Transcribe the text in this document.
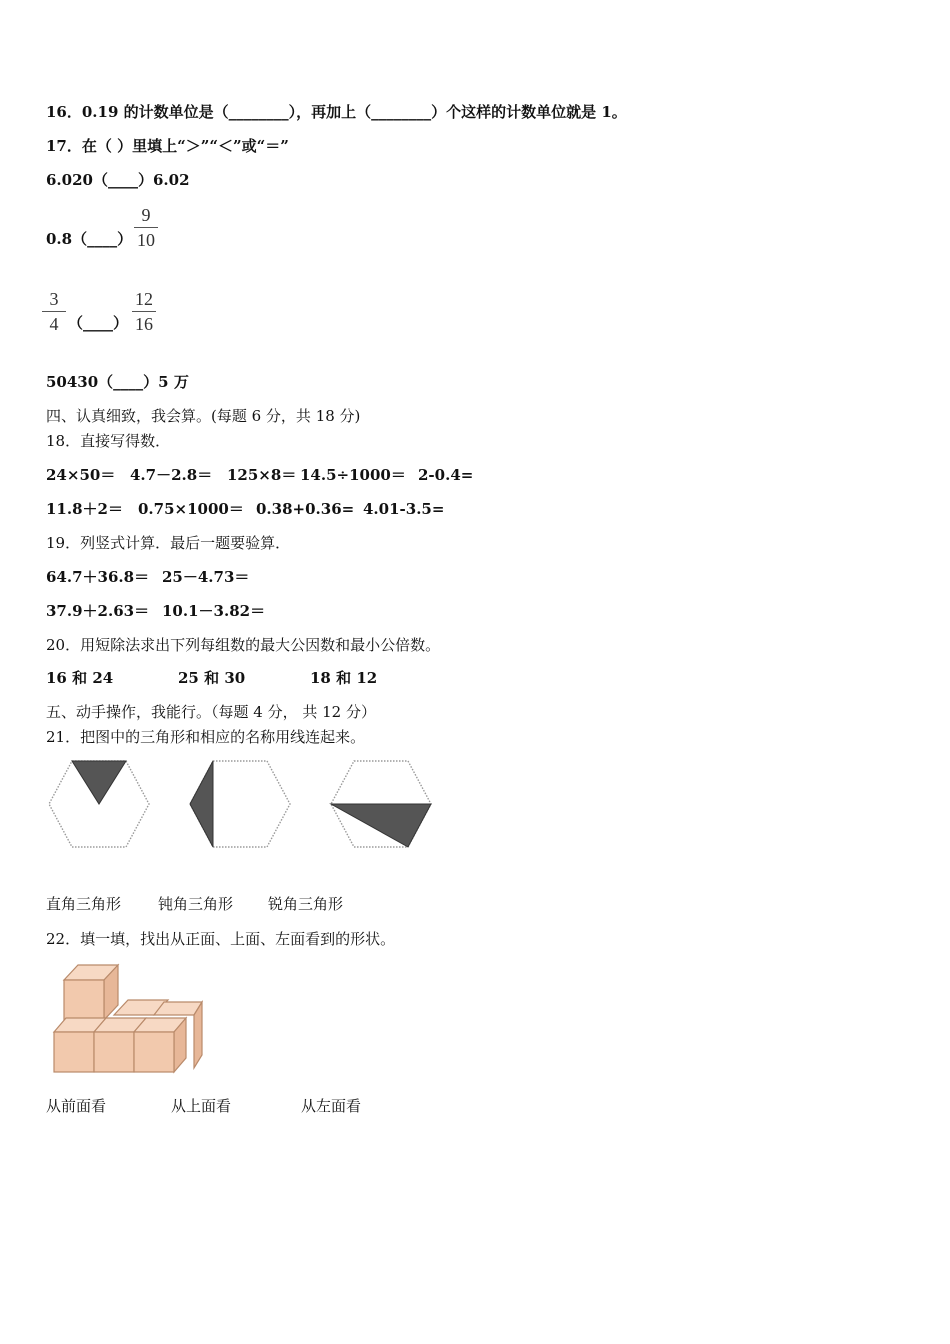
16．0.19 的计数单位是（________），再加上（________）个这样的计数单位就是 1。
17．在（ ）里填上“＞”“＜”或“＝”
6.020（____）6.02
0.8（____）
9
10
3
4 （____）
12
16
50430（____）5 万
四、认真细致，我会算。(每题 6 分，共 18 分)
18．直接写得数．
24×50＝ 4.7－2.8＝ 125×8＝ 14.5÷1000＝ 2-0.4=
11.8＋2＝ 0.75×1000＝ 0.38+0.36= 4.01-3.5=
19．列竖式计算．最后一题要验算．
64.7＋36.8＝ 25－4.73＝
37.9＋2.63＝ 10.1－3.82＝
20．用短除法求出下列每组数的最大公因数和最小公倍数。
16 和 24	25 和 30	18 和 12
五、动手操作，我能行。（每题 4 分， 共 12 分）
21．把图中的三角形和相应的名称用线连起来。
直角三角形 钝角三角形 锐角三角形
22．填一填，找出从正面、上面、左面看到的形状。
从前面看	从上面看	从左面看
